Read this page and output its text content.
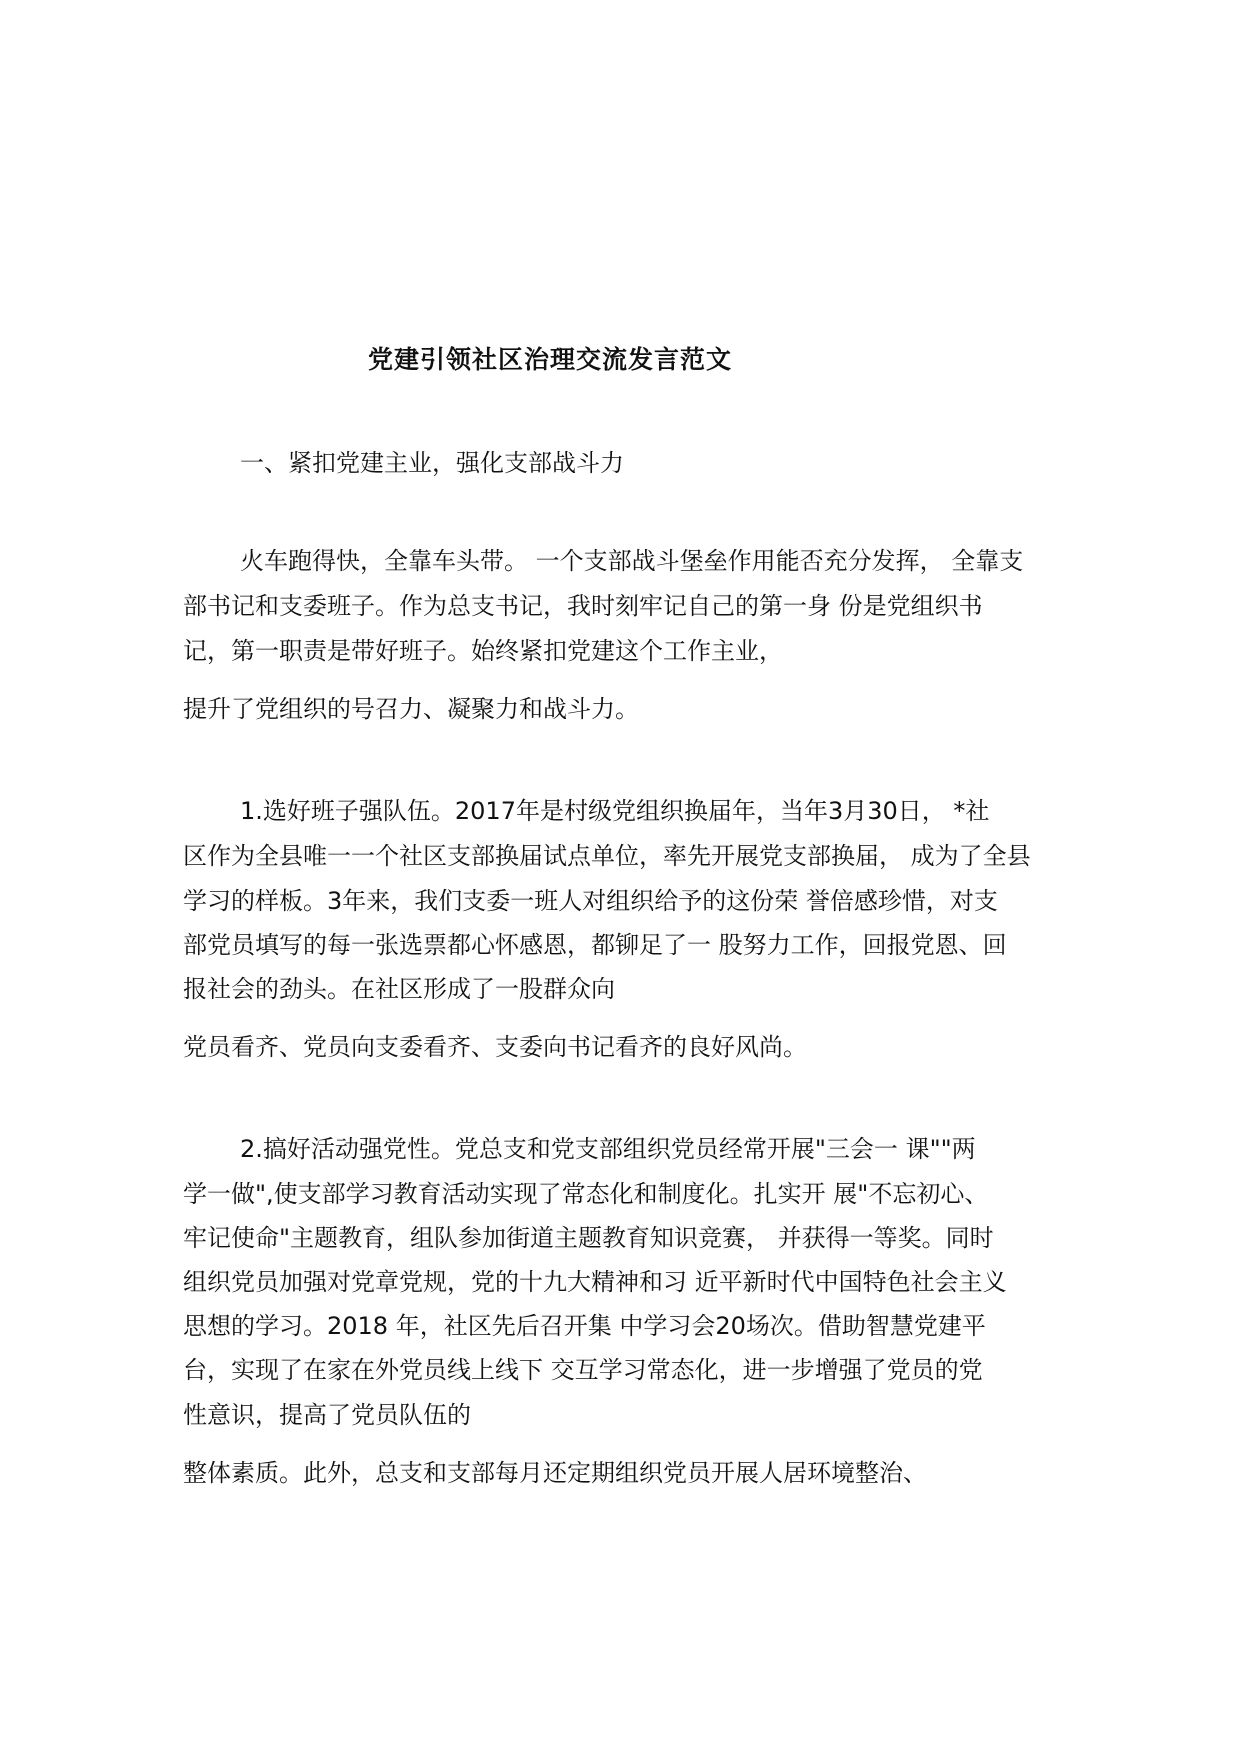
党建引领社区治理交流发言范文
一、紧扣党建主业，强化支部战斗力
火车跑得快，全靠车头带。 一个支部战斗堡垒作用能否充分发挥， 全靠支
部书记和支委班子。作为总支书记，我时刻牢记自己的第一身 份是党组织书
记，第一职责是带好班子。始终紧扣党建这个工作主业，
提升了党组织的号召力、凝聚力和战斗力。
1.选好班子强队伍。2017年是村级党组织换届年，当年3月30日， *社
区作为全县唯一一个社区支部换届试点单位，率先开展党支部换届， 成为了全县
学习的样板。3年来，我们支委一班人对组织给予的这份荣 誉倍感珍惜，对支
部党员填写的每一张选票都心怀感恩，都铆足了一 股努力工作，回报党恩、回
报社会的劲头。在社区形成了一股群众向
党员看齐、党员向支委看齐、支委向书记看齐的良好风尚。
2.搞好活动强党性。党总支和党支部组织党员经常开展"三会一 课""两
学一做",使支部学习教育活动实现了常态化和制度化。扎实开 展"不忘初心、
牢记使命"主题教育，组队参加街道主题教育知识竞赛， 并获得一等奖。同时
组织党员加强对党章党规，党的十九大精神和习 近平新时代中国特色社会主义
思想的学习。2018 年，社区先后召开集 中学习会20场次。借助智慧党建平
台，实现了在家在外党员线上线下 交互学习常态化，进一步增强了党员的党
性意识，提高了党员队伍的
整体素质。此外，总支和支部每月还定期组织党员开展人居环境整治、
